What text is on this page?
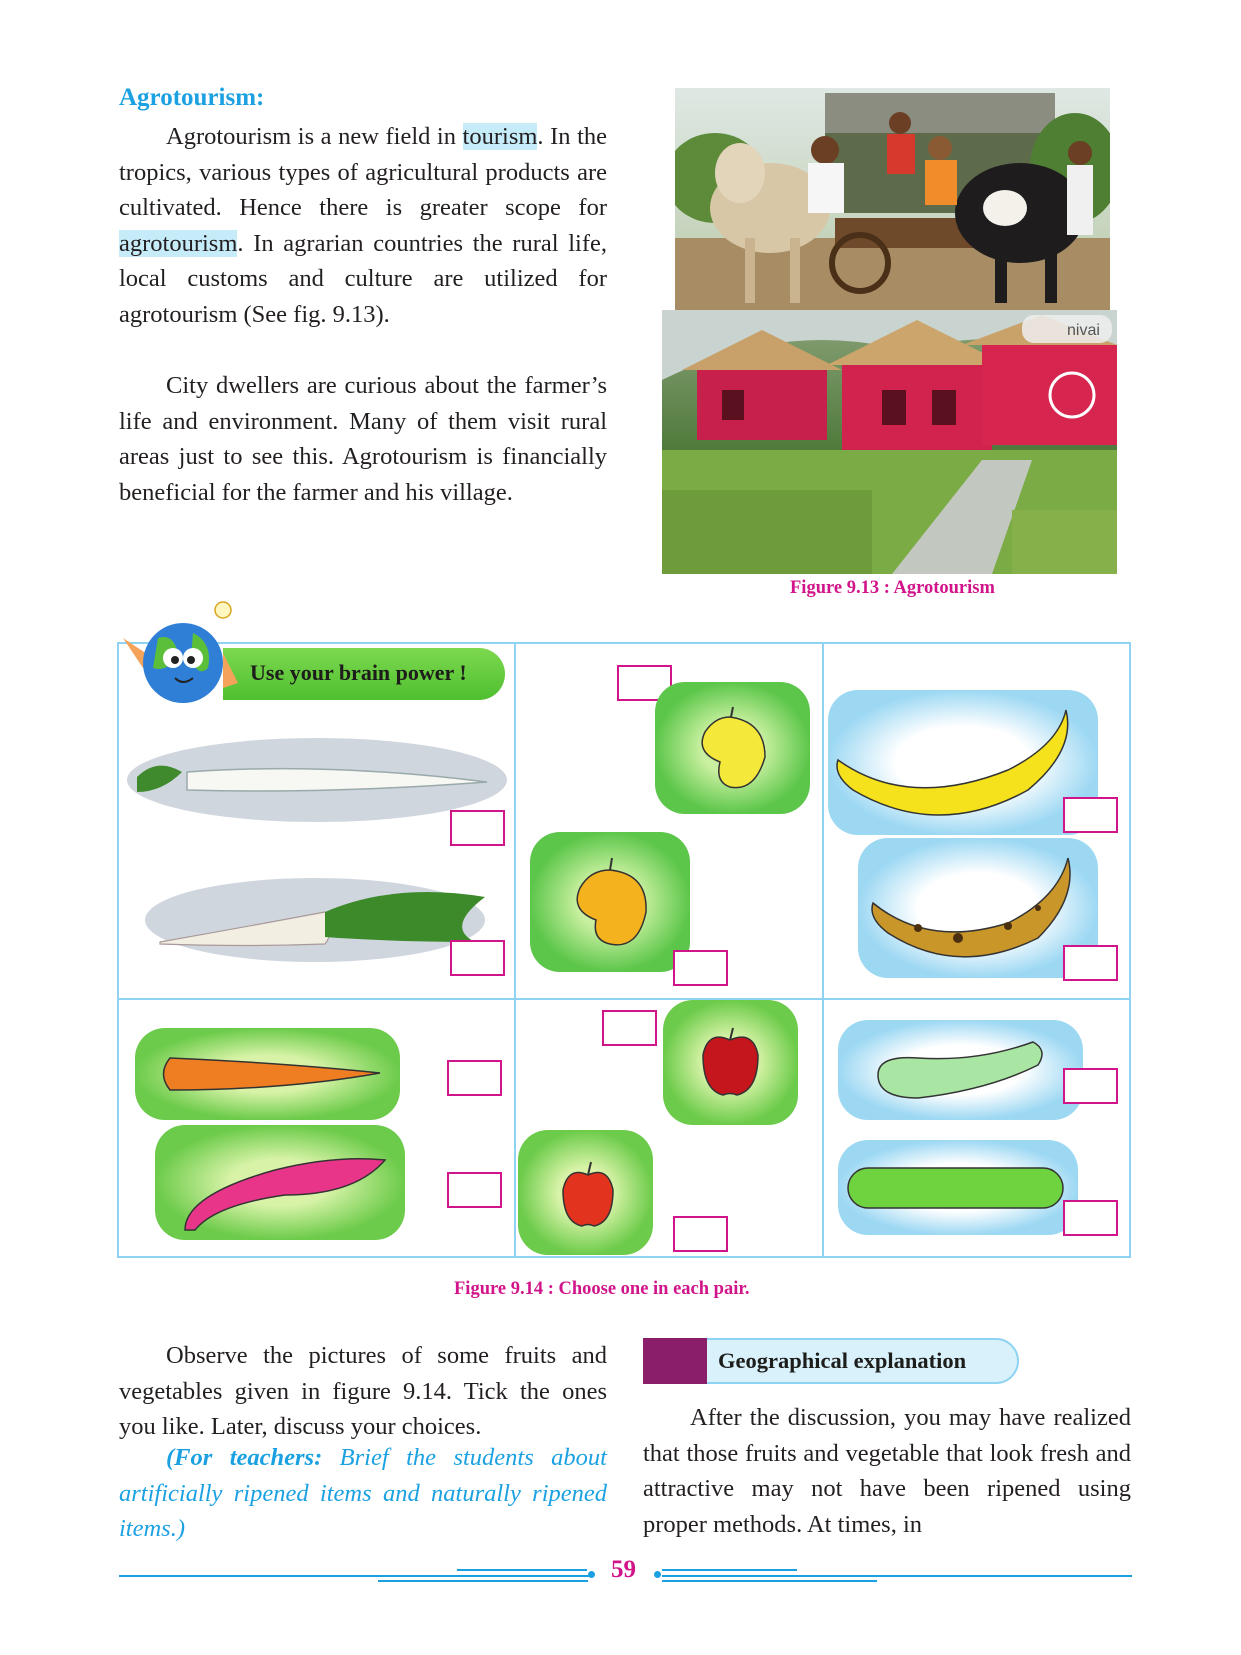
Agrotourism:
Agrotourism is a new field in tourism. In the tropics, various types of agricultural products are cultivated. Hence there is greater scope for agrotourism. In agrarian countries the rural life, local customs and culture are utilized for agrotourism (See fig. 9.13).
City dwellers are curious about the farmer’s life and environment. Many of them visit rural areas just to see this. Agrotourism is financially beneficial for the farmer and his village.
nivai
Figure 9.13 : Agrotourism
Use your brain power !
Figure 9.14 : Choose one in each pair.
Observe the pictures of some fruits and vegetables given in figure 9.14. Tick the ones you like. Later, discuss your choices.
(For teachers: Brief the students about artificially ripened items and naturally ripened items.)
Geographical explanation
After the discussion, you may have realized that those fruits and vegetable that look fresh and attractive may not have been ripened using proper methods. At times, in
59
